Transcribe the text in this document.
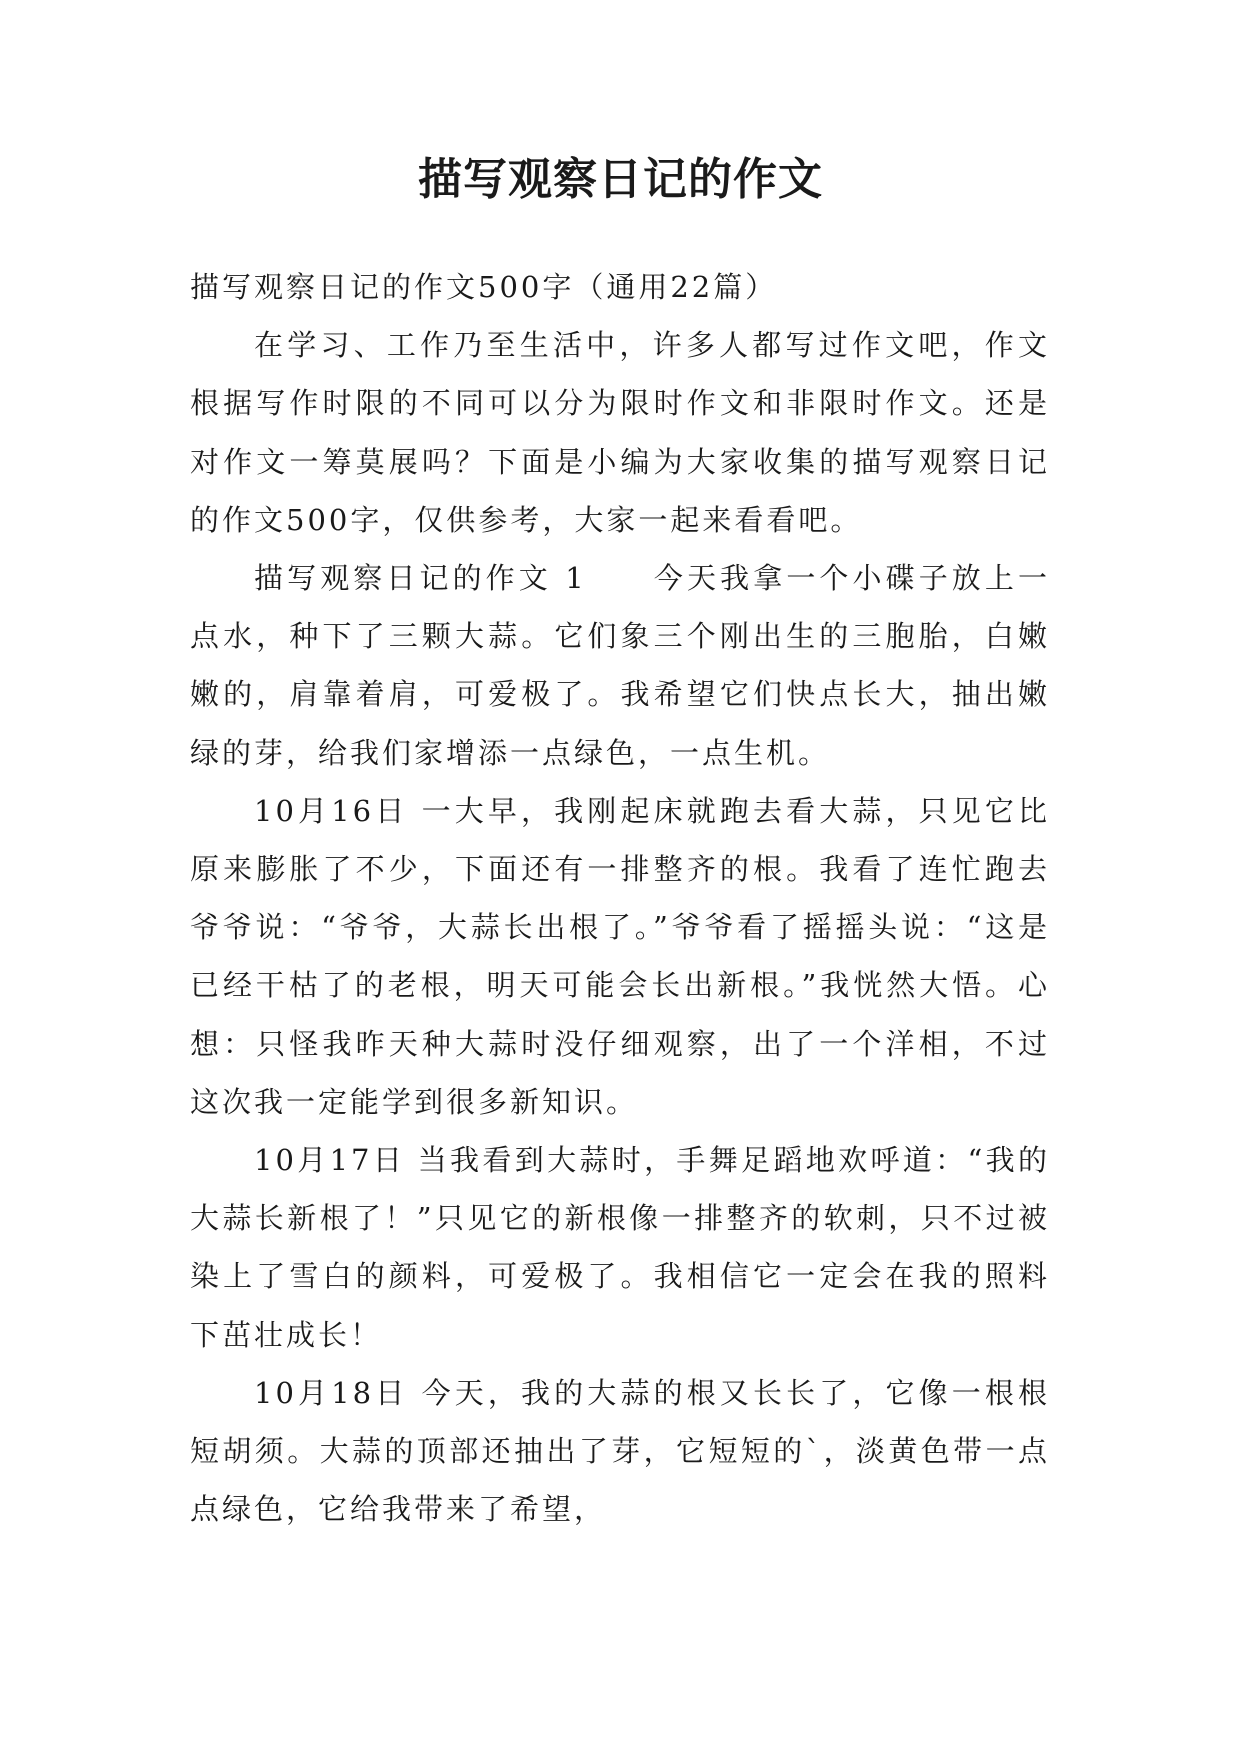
描写观察日记的作文

描写观察日记的作文500字（通用22篇）

在学习、工作乃至生活中，许多人都写过作文吧，作文根据写作时限的不同可以分为限时作文和非限时作文。还是对作文一筹莫展吗？下面是小编为大家收集的描写观察日记的作文500字，仅供参考，大家一起来看看吧。

描写观察日记的作文 1　　今天我拿一个小碟子放上一点水，种下了三颗大蒜。它们象三个刚出生的三胞胎，白嫩嫩的，肩靠着肩，可爱极了。我希望它们快点长大，抽出嫩绿的芽，给我们家增添一点绿色，一点生机。

10月16日 一大早，我刚起床就跑去看大蒜，只见它比原来膨胀了不少，下面还有一排整齐的根。我看了连忙跑去爷爷说：“爷爷，大蒜长出根了。”爷爷看了摇摇头说：“这是已经干枯了的老根，明天可能会长出新根。”我恍然大悟。心想：只怪我昨天种大蒜时没仔细观察，出了一个洋相，不过这次我一定能学到很多新知识。

10月17日 当我看到大蒜时，手舞足蹈地欢呼道：“我的大蒜长新根了！”只见它的新根像一排整齐的软刺，只不过被染上了雪白的颜料，可爱极了。我相信它一定会在我的照料下茁壮成长！

10月18日 今天，我的大蒜的根又长长了，它像一根根短胡须。大蒜的顶部还抽出了芽，它短短的`，淡黄色带一点点绿色，它给我带来了希望，
